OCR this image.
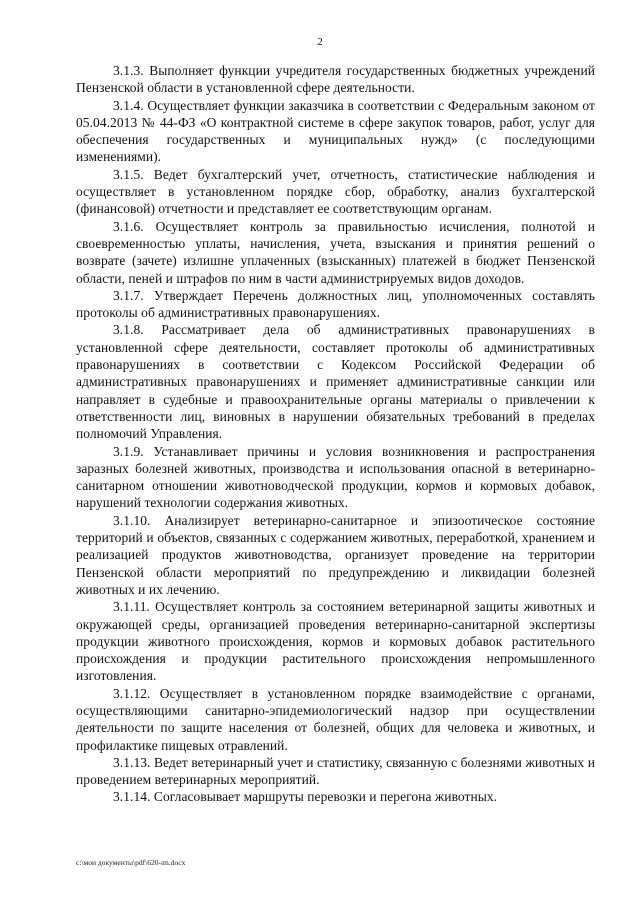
2

3.1.3. Выполняет функции учредителя государственных бюджетных учреждений Пензенской области в установленной сфере деятельности.

3.1.4. Осуществляет функции заказчика в соответствии с Федеральным законом от 05.04.2013 № 44-ФЗ «О контрактной системе в сфере закупок товаров, работ, услуг для обеспечения государственных и муниципальных нужд» (с последующими изменениями).

3.1.5. Ведет бухгалтерский учет, отчетность, статистические наблюдения и осуществляет в установленном порядке сбор, обработку, анализ бухгалтерской (финансовой) отчетности и представляет ее соответствующим органам.

3.1.6. Осуществляет контроль за правильностью исчисления, полнотой и своевременностью уплаты, начисления, учета, взыскания и принятия решений о возврате (зачете) излишне уплаченных (взысканных) платежей в бюджет Пензенской области, пеней и штрафов по ним в части администрируемых видов доходов.

3.1.7. Утверждает Перечень должностных лиц, уполномоченных составлять протоколы об административных правонарушениях.

3.1.8. Рассматривает дела об административных правонарушениях в установленной сфере деятельности, составляет протоколы об административных правонарушениях в соответствии с Кодексом Российской Федерации об административных правонарушениях и применяет административные санкции или направляет в судебные и правоохранительные органы материалы о привлечении к ответственности лиц, виновных в нарушении обязательных требований в пределах полномочий Управления.

3.1.9. Устанавливает причины и условия возникновения и распространения заразных болезней животных, производства и использования опасной в ветеринарно-санитарном отношении животноводческой продукции, кормов и кормовых добавок, нарушений технологии содержания животных.

3.1.10. Анализирует ветеринарно-санитарное и эпизоотическое состояние территорий и объектов, связанных с содержанием животных, переработкой, хранением и реализацией продуктов животноводства, организует проведение на территории Пензенской области мероприятий по предупреждению и ликвидации болезней животных и их лечению.

3.1.11. Осуществляет контроль за состоянием ветеринарной защиты животных и окружающей среды, организацией проведения ветеринарно-санитарной экспертизы продукции животного происхождения, кормов и кормовых добавок растительного происхождения и продукции растительного происхождения непромышленного изготовления.

3.1.12. Осуществляет в установленном порядке взаимодействие с органами, осуществляющими санитарно-эпидемиологический надзор при осуществлении деятельности по защите населения от болезней, общих для человека и животных, и профилактике пищевых отравлений.

3.1.13. Ведет ветеринарный учет и статистику, связанную с болезнями животных и проведением ветеринарных мероприятий.

3.1.14. Согласовывает маршруты перевозки и перегона животных.

c:\мои документы\pdf\620-ım.docx
